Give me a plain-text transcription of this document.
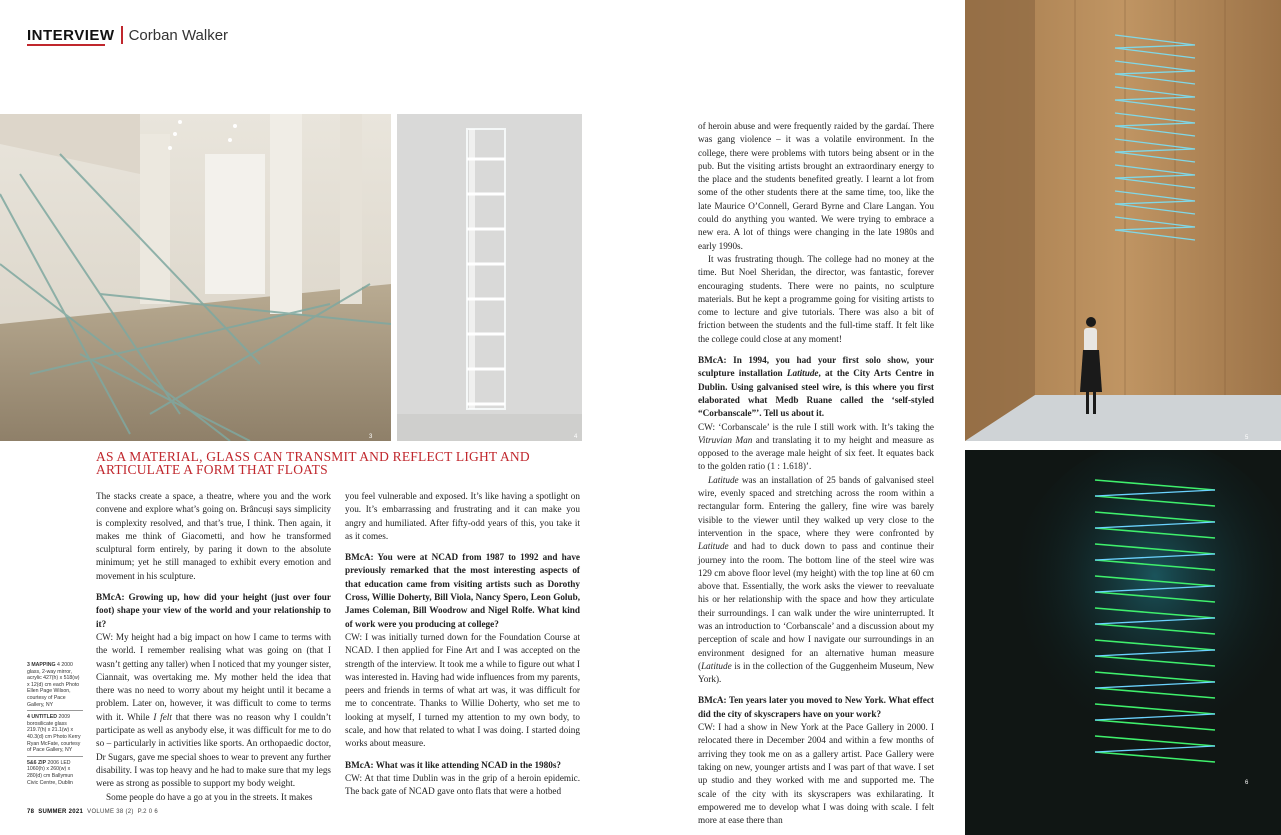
INTERVIEW Corban Walker
3	4	5
6
AS A MATERIAL, GLASS CAN TRANSMIT AND REFLECT LIGHT AND ARTICULATE A FORM THAT FLOATS
3 MAPPING 4 2000 glass, 2-way mirror, acrylic 427(h) x 518(w) x 12(d) cm each Photo Ellen Page Wilson, courtesy of Pace Gallery, NY
4 UNTITLED 2009 borosilicate glass 219.7(h) x 21.1(w) x 40.3(d) cm Photo Kerry Ryan McFate, courtesy of Pace Gallery, NY
5&6 ZIP 2006 LED 1060(h) x 260(w) x 280(d) cm Ballymun Civic Centre, Dublin

The stacks create a space, a theatre, where you and the work convene and explore what’s going on. Brâncuși says simplicity is complexity resolved, and that’s true, I think. Then again, it makes me think of Giacometti, and how he transformed sculptural form entirely, by paring it down to the absolute minimum; yet he still managed to exhibit every emotion and movement in his sculpture.

BMcA: Growing up, how did your height (just over four foot) shape your view of the world and your relationship to it?

CW: My height had a big impact on how I came to terms with the world. I remember realising what was going on (that I wasn’t getting any taller) when I noticed that my younger sister, Ciannait, was overtaking me. My mother held the idea that there was no need to worry about my height until it became a problem. Later on, however, it was difficult to come to terms with it. While I felt that there was no reason why I couldn’t participate as well as anybody else, it was difficult for me to do so – particularly in activities like sports. An orthopaedic doctor, Dr Sugars, gave me special shoes to wear to prevent any further disability. I was top heavy and he had to make sure that my legs were as strong as possible to support my body weight.

Some people do have a go at you in the streets. It makes

you feel vulnerable and exposed. It’s like having a spotlight on you. It’s embarrassing and frustrating and it can make you angry and humiliated. After fifty-odd years of this, you take it as it comes.

BMcA: You were at NCAD from 1987 to 1992 and have previously remarked that the most interesting aspects of that education came from visiting artists such as Dorothy Cross, Willie Doherty, Bill Viola, Nancy Spero, Leon Golub, James Coleman, Bill Woodrow and Nigel Rolfe. What kind of work were you producing at college?

CW: I was initially turned down for the Foundation Course at NCAD. I then applied for Fine Art and I was accepted on the strength of the interview. It took me a while to figure out what I was interested in. Having had wide influences from my parents, peers and friends in terms of what art was, it was difficult for me to concentrate. Thanks to Willie Doherty, who set me to looking at myself, I turned my attention to my own body, to scale, and how that related to what I was doing. I started doing works about measure.

BMcA: What was it like attending NCAD in the 1980s?

CW: At that time Dublin was in the grip of a heroin epidemic. The back gate of NCAD gave onto flats that were a hotbed

of heroin abuse and were frequently raided by the gardaí. There was gang violence – it was a volatile environment. In the college, there were problems with tutors being absent or in the pub. But the visiting artists brought an extraordinary energy to the place and the students benefited greatly. I learnt a lot from some of the other students there at the same time, too, like the late Maurice O’Connell, Gerard Byrne and Clare Langan. You could do anything you wanted. We were trying to embrace a new era. A lot of things were changing in the late 1980s and early 1990s.

It was frustrating though. The college had no money at the time. But Noel Sheridan, the director, was fantastic, forever encouraging students. There were no paints, no sculpture materials. But he kept a programme going for visiting artists to come to lecture and give tutorials. There was also a bit of friction between the students and the full-time staff. It felt like the college could close at any moment!

BMcA: In 1994, you had your first solo show, your sculpture installation Latitude, at the City Arts Centre in Dublin. Using galvanised steel wire, is this where you first elaborated what Medb Ruane called the ‘self-styled “Corbanscale”’. Tell us about it.

CW: ‘Corbanscale’ is the rule I still work with. It’s taking the Vitruvian Man and translating it to my height and measure as opposed to the average male height of six feet. It equates back to the golden ratio (1 : 1.618)’.

Latitude was an installation of 25 bands of galvanised steel wire, evenly spaced and stretching across the room within a rectangular form. Entering the gallery, fine wire was barely visible to the viewer until they walked up very close to the intervention in the space, where they were confronted by Latitude and had to duck down to pass and continue their journey into the room. The bottom line of the steel wire was 129 cm above floor level (my height) with the top line at 60 cm above that. Essentially, the work asks the viewer to reevaluate his or her relationship with the space and how they articulate their surroundings. I can walk under the wire uninterrupted. It was an introduction to ‘Corbanscale’ and a discussion about my perception of scale and how I navigate our surroundings in an environment designed for an alternative human measure (Latitude is in the collection of the Guggenheim Museum, New York).

BMcA: Ten years later you moved to New York. What effect did the city of skyscrapers have on your work?

CW: I had a show in New York at the Pace Gallery in 2000. I relocated there in December 2004 and within a few months of arriving they took me on as a gallery artist. Pace Gallery were taking on new, younger artists and I was part of that wave. I set up studio and they worked with me and supported me. The scale of the city with its skyscrapers was exhilarating. It empowered me to develop what I was doing with scale. I felt more at ease there than

78 SUMMER 2021 VOLUME 38 (2) P.2 0 6
